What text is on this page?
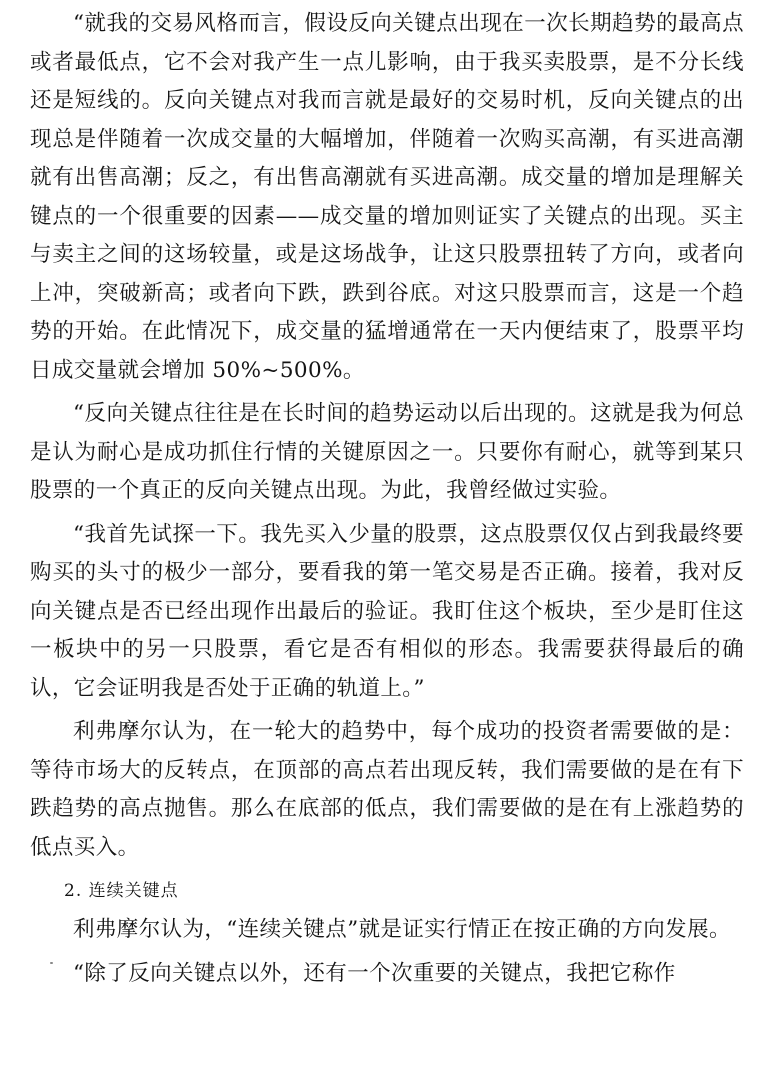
“就我的交易风格而言，假设反向关键点出现在一次长期趋势的最高点或者最低点，它不会对我产生一点儿影响，由于我买卖股票，是不分长线还是短线的。反向关键点对我而言就是最好的交易时机，反向关键点的出现总是伴随着一次成交量的大幅增加，伴随着一次购买高潮，有买进高潮就有出售高潮；反之，有出售高潮就有买进高潮。成交量的增加是理解关键点的一个很重要的因素——成交量的增加则证实了关键点的出现。买主与卖主之间的这场较量，或是这场战争，让这只股票扭转了方向，或者向上冲，突破新高；或者向下跌，跌到谷底。对这只股票而言，这是一个趋势的开始。在此情况下，成交量的猛增通常在一天内便结束了，股票平均日成交量就会增加 50%~500%。

“反向关键点往往是在长时间的趋势运动以后出现的。这就是我为何总是认为耐心是成功抓住行情的关键原因之一。只要你有耐心，就等到某只股票的一个真正的反向关键点出现。为此，我曾经做过实验。

“我首先试探一下。我先买入少量的股票，这点股票仅仅占到我最终要购买的头寸的极少一部分，要看我的第一笔交易是否正确。接着，我对反向关键点是否已经出现作出最后的验证。我盯住这个板块，至少是盯住这一板块中的另一只股票，看它是否有相似的形态。我需要获得最后的确认，它会证明我是否处于正确的轨道上。”

利弗摩尔认为，在一轮大的趋势中，每个成功的投资者需要做的是：等待市场大的反转点，在顶部的高点若出现反转，我们需要做的是在有下跌趋势的高点抛售。那么在底部的低点，我们需要做的是在有上涨趋势的低点买入。

2. 连续关键点

利弗摩尔认为，“连续关键点”就是证实行情正在按正确的方向发展。

“除了反向关键点以外，还有一个次重要的关键点，我把它称作
